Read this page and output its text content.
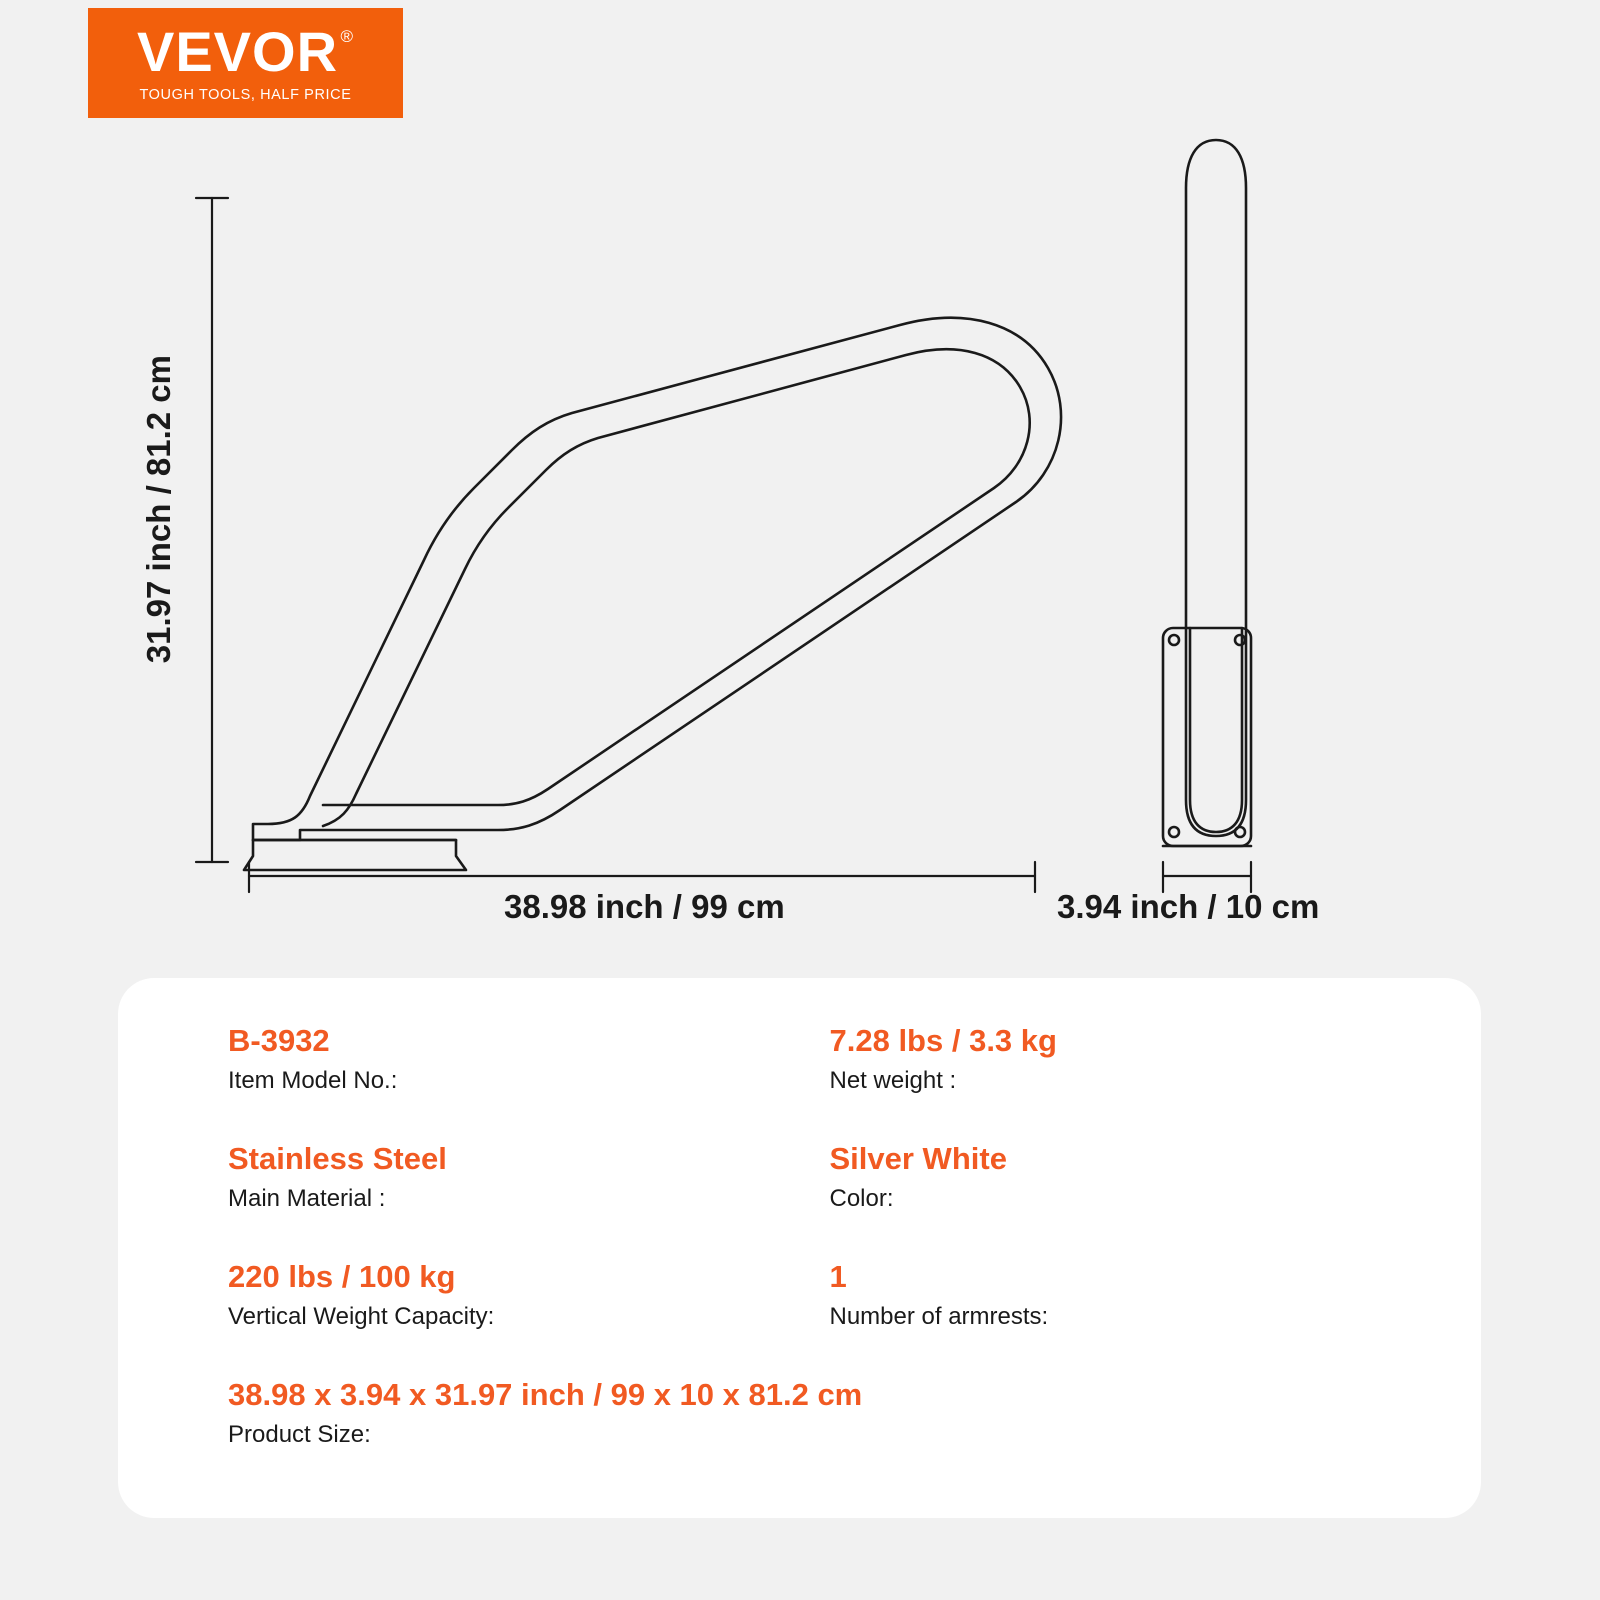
VEVOR ®
TOUGH TOOLS, HALF PRICE
31.97 inch / 81.2 cm
38.98 inch / 99 cm	3.94 inch / 10 cm
B-3932
Item Model No.:
7.28 lbs / 3.3 kg
Net weight :
Stainless Steel
Main Material :
Silver White
Color:
220 lbs / 100 kg
Vertical Weight Capacity:
1
Number of armrests:
38.98 x 3.94 x 31.97 inch / 99 x 10 x 81.2 cm
Product Size:
